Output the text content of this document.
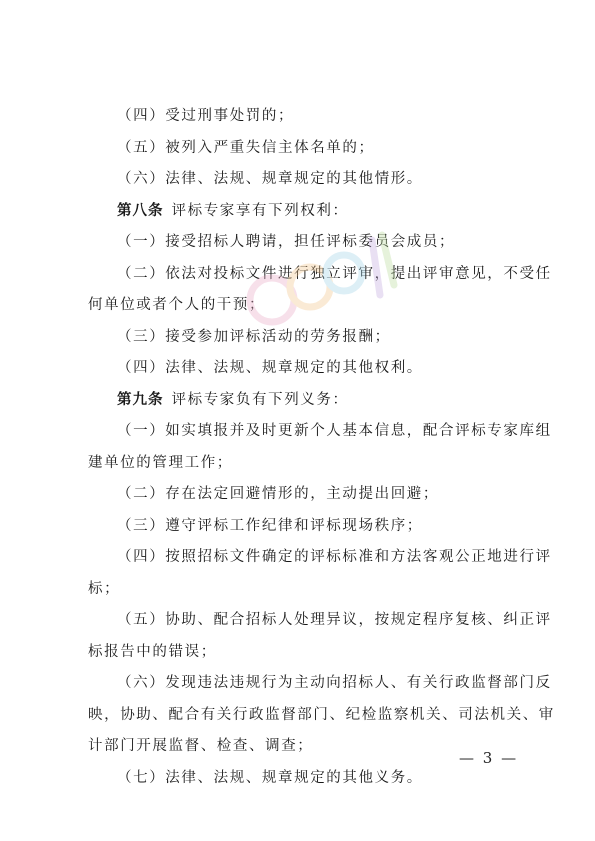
（四）受过刑事处罚的；
（五）被列入严重失信主体名单的；
（六）法律、法规、规章规定的其他情形。
第八条 评标专家享有下列权利：
（一）接受招标人聘请，担任评标委员会成员；
（二）依法对投标文件进行独立评审，提出评审意见，不受任
何单位或者个人的干预；
（三）接受参加评标活动的劳务报酬；
（四）法律、法规、规章规定的其他权利。
第九条 评标专家负有下列义务：
（一）如实填报并及时更新个人基本信息，配合评标专家库组
建单位的管理工作；
（二）存在法定回避情形的，主动提出回避；
（三）遵守评标工作纪律和评标现场秩序；
（四）按照招标文件确定的评标标准和方法客观公正地进行评
标；
（五）协助、配合招标人处理异议，按规定程序复核、纠正评
标报告中的错误；
（六）发现违法违规行为主动向招标人、有关行政监督部门反
映，协助、配合有关行政监督部门、纪检监察机关、司法机关、审
计部门开展监督、检查、调查；
（七）法律、法规、规章规定的其他义务。
— 3 —
